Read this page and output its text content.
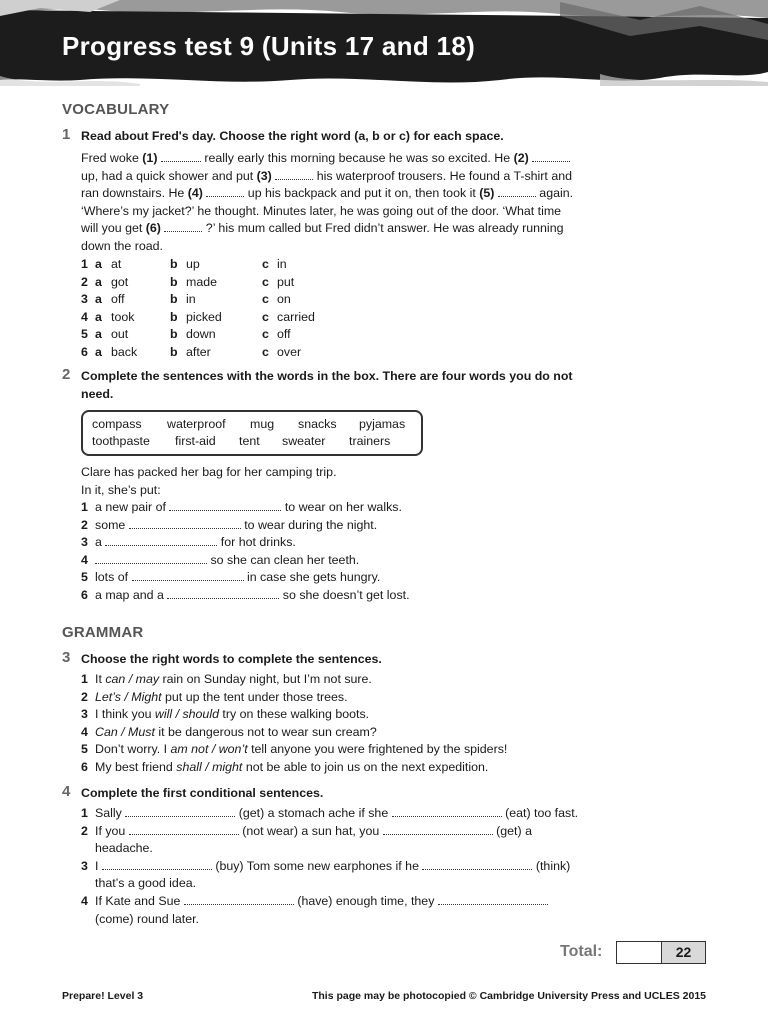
Progress test 9 (Units 17 and 18)
VOCABULARY
1 Read about Fred's day. Choose the right word (a, b or c) for each space.
Fred woke (1)	really early this morning because he was so excited. He (2)
up, had a quick shower and put (3)	his waterproof trousers. He found a T-shirt and
ran downstairs. He (4)	up his backpack and put it on, then took it (5)	again.
‘Where’s my jacket?’ he thought. Minutes later, he was going out of the door. ‘What time
will you get (6)	?’ his mum called but Fred didn’t answer. He was already running
down the road.
1 a at	b up	c in
2 a got	b made	c put
3 a off	b in	c on
4 a took	b picked	c carried
5 a out	b down	c off
6 a back	b after	c over
2 Complete the sentences with the words in the box. There are four words you do not need.
compass waterproof mug snacks pyjamas
toothpaste first-aid tent sweater trainers
Clare has packed her bag for her camping trip.
In it, she’s put:
1 a new pair of	to wear on her walks.
2 some	to wear during the night.
3 a	for hot drinks.
4	so she can clean her teeth.
5 lots of	in case she gets hungry.
6 a map and a	so she doesn’t get lost.
GRAMMAR
3 Choose the right words to complete the sentences.
1 It can / may rain on Sunday night, but I’m not sure.
2 Let’s / Might put up the tent under those trees.
3 I think you will / should try on these walking boots.
4 Can / Must it be dangerous not to wear sun cream?
5 Don’t worry. I am not / won’t tell anyone you were frightened by the spiders!
6 My best friend shall / might not be able to join us on the next expedition.
4 Complete the first conditional sentences.
1 Sally	(get) a stomach ache if she	(eat) too fast.
2 If you	(not wear) a sun hat, you	(get) a
headache.
3 I	(buy) Tom some new earphones if he	(think)
that’s a good idea.
4 If Kate and Sue	(have) enough time, they
(come) round later.
Total:	22
Prepare! Level 3	This page may be photocopied © Cambridge University Press and UCLES 2015
